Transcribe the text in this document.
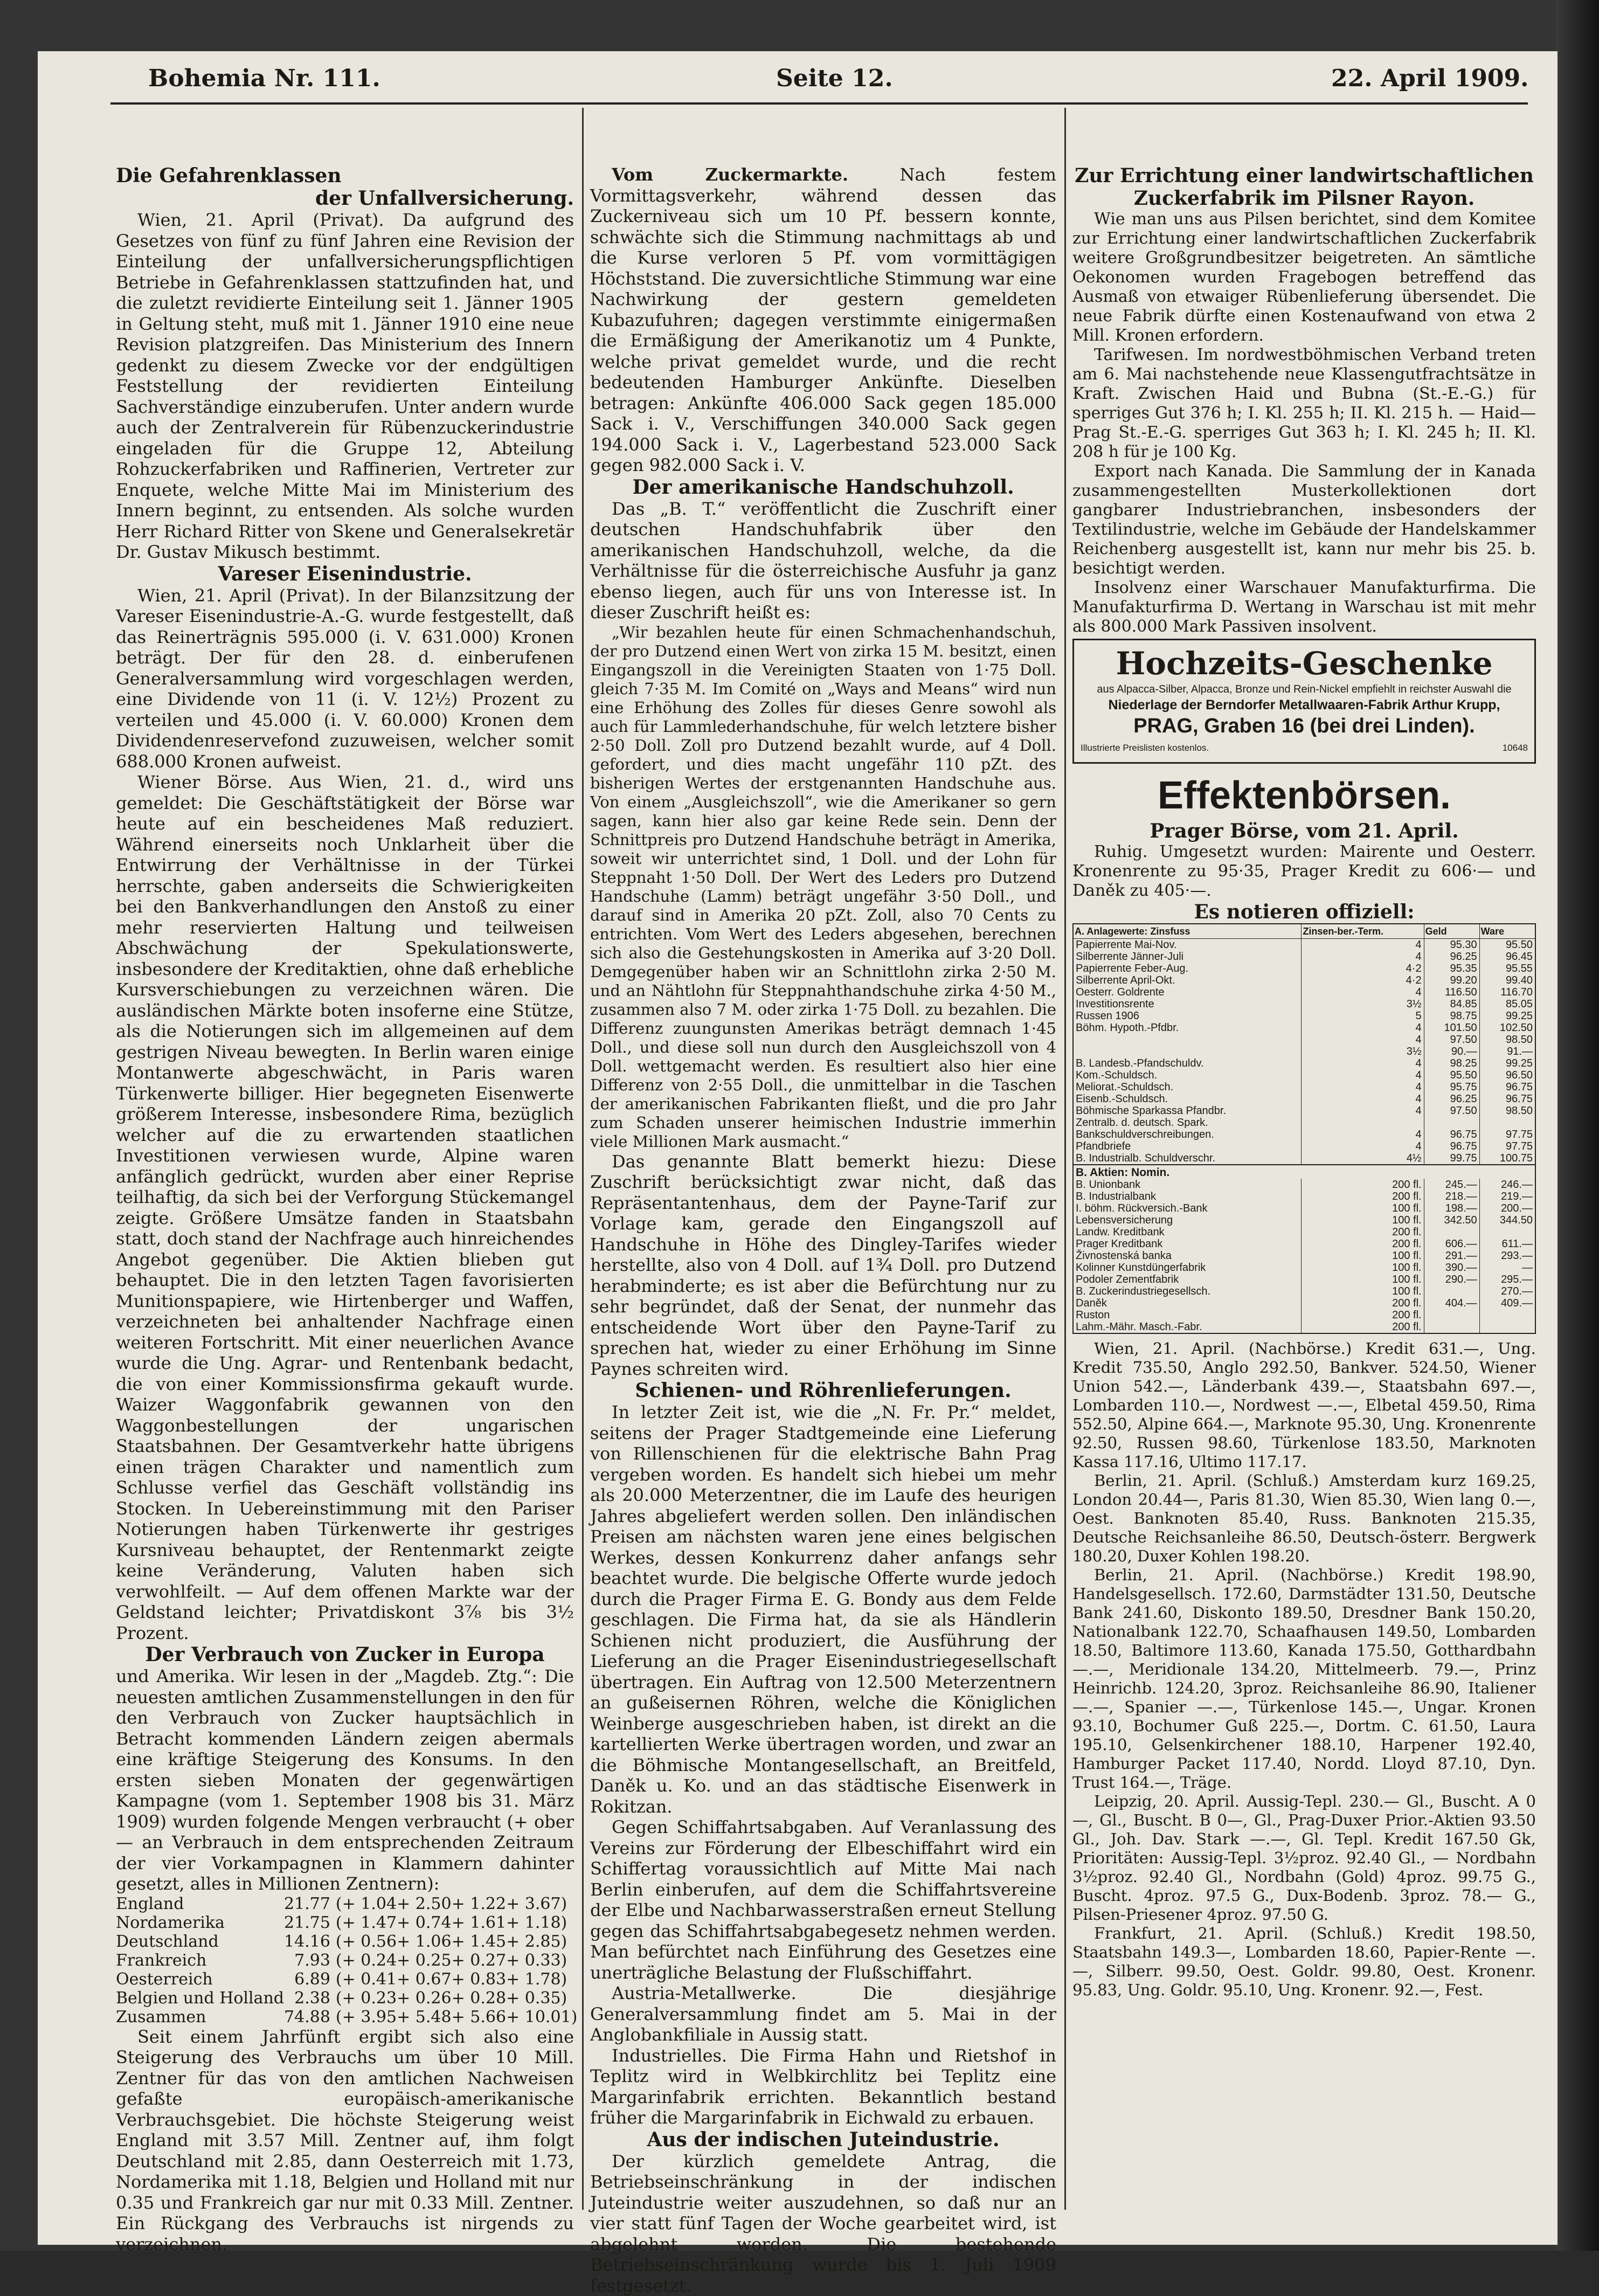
Bohemia Nr. 111.	Seite 12.	22. April 1909.
Die Gefahrenklassen
der Unfallversicherung.

Wien, 21. April (Privat). Da aufgrund des Gesetzes von fünf zu fünf Jahren eine Revision der Einteilung der unfallversicherungspflichtigen Betriebe in Gefahrenklassen stattzufinden hat, und die zuletzt revidierte Einteilung seit 1. Jänner 1905 in Geltung steht, muß mit 1. Jänner 1910 eine neue Revision platzgreifen. Das Ministerium des Innern gedenkt zu diesem Zwecke vor der endgültigen Feststellung der revidierten Einteilung Sachverständige einzuberufen. Unter andern wurde auch der Zentralverein für Rübenzuckerindustrie eingeladen für die Gruppe 12, Abteilung Rohzuckerfabriken und Raffinerien, Vertreter zur Enquete, welche Mitte Mai im Ministerium des Innern beginnt, zu entsenden. Als solche wurden Herr Richard Ritter von Skene und Generalsekretär Dr. Gustav Mikusch bestimmt.

Vareser Eisenindustrie.

Wien, 21. April (Privat). In der Bilanzsitzung der Vareser Eisenindustrie-A.-G. wurde festgestellt, daß das Reinerträgnis 595.000 (i. V. 631.000) Kronen beträgt. Der für den 28. d. einberufenen Generalversammlung wird vorgeschlagen werden, eine Dividende von 11 (i. V. 12½) Prozent zu verteilen und 45.000 (i. V. 60.000) Kronen dem Dividendenreservefond zuzuweisen, welcher somit 688.000 Kronen aufweist.

Wiener Börse. Aus Wien, 21. d., wird uns gemeldet: Die Geschäftstätigkeit der Börse war heute auf ein bescheidenes Maß reduziert. Während einerseits noch Unklarheit über die Entwirrung der Verhältnisse in der Türkei herrschte, gaben anderseits die Schwierigkeiten bei den Bankverhandlungen den Anstoß zu einer mehr reservierten Haltung und teilweisen Abschwächung der Spekulationswerte, insbesondere der Kreditaktien, ohne daß erhebliche Kursverschiebungen zu verzeichnen wären. Die ausländischen Märkte boten insoferne eine Stütze, als die Notierungen sich im allgemeinen auf dem gestrigen Niveau bewegten. In Berlin waren einige Montanwerte abgeschwächt, in Paris waren Türkenwerte billiger. Hier begegneten Eisenwerte größerem Interesse, insbesondere Rima, bezüglich welcher auf die zu erwartenden staatlichen Investitionen verwiesen wurde, Alpine waren anfänglich gedrückt, wurden aber einer Reprise teilhaftig, da sich bei der Verforgung Stückemangel zeigte. Größere Umsätze fanden in Staatsbahn statt, doch stand der Nachfrage auch hinreichendes Angebot gegenüber. Die Aktien blieben gut behauptet. Die in den letzten Tagen favorisierten Munitionspapiere, wie Hirtenberger und Waffen, verzeichneten bei anhaltender Nachfrage einen weiteren Fortschritt. Mit einer neuerlichen Avance wurde die Ung. Agrar- und Rentenbank bedacht, die von einer Kommissionsfirma gekauft wurde. Waizer Waggonfabrik gewannen von den Waggonbestellungen der ungarischen Staatsbahnen. Der Gesamtverkehr hatte übrigens einen trägen Charakter und namentlich zum Schlusse verfiel das Geschäft vollständig ins Stocken. In Uebereinstimmung mit den Pariser Notierungen haben Türkenwerte ihr gestriges Kursniveau behauptet, der Rentenmarkt zeigte keine Veränderung, Valuten haben sich verwohlfeilt. — Auf dem offenen Markte war der Geldstand leichter; Privatdiskont 3⅞ bis 3½ Prozent.

Der Verbrauch von Zucker in Europa

und Amerika. Wir lesen in der „Magdeb. Ztg.“: Die neuesten amtlichen Zusammenstellungen in den für den Verbrauch von Zucker hauptsächlich in Betracht kommenden Ländern zeigen abermals eine kräftige Steigerung des Konsums. In den ersten sieben Monaten der gegenwärtigen Kampagne (vom 1. September 1908 bis 31. März 1909) wurden folgende Mengen verbraucht (+ ober — an Verbrauch in dem entsprechenden Zeitraum der vier Vorkampagnen in Klammern dahinter gesetzt, alles in Millionen Zentnern):

England	21.77	(+ 1.04	+ 2.50	+ 1.22	+ 3.67)
Nordamerika	21.75	(+ 1.47	+ 0.74	+ 1.61	+ 1.18)
Deutschland	14.16	(+ 0.56	+ 1.06	+ 1.45	+ 2.85)
Frankreich	7.93	(+ 0.24	+ 0.25	+ 0.27	+ 0.33)
Oesterreich	6.89	(+ 0.41	+ 0.67	+ 0.83	+ 1.78)
Belgien und Holland	2.38	(+ 0.23	+ 0.26	+ 0.28	+ 0.35)
Zusammen	74.88	(+ 3.95	+ 5.48	+ 5.66	+ 10.01)

Seit einem Jahrfünft ergibt sich also eine Steigerung des Verbrauchs um über 10 Mill. Zentner für das von den amtlichen Nachweisen gefaßte europäisch-amerikanische Verbrauchsgebiet. Die höchste Steigerung weist England mit 3.57 Mill. Zentner auf, ihm folgt Deutschland mit 2.85, dann Oesterreich mit 1.73, Nordamerika mit 1.18, Belgien und Holland mit nur 0.35 und Frankreich gar nur mit 0.33 Mill. Zentner. Ein Rückgang des Verbrauchs ist nirgends zu verzeichnen.

Vom Zuckermarkte.	Nach festem Vormittagsverkehr, während dessen das Zuckerniveau sich um 10 Pf. bessern konnte, schwächte sich die Stimmung nachmittags ab und die Kurse verloren 5 Pf. vom vormittägigen Höchststand. Die zuversichtliche Stimmung war eine Nachwirkung der gestern gemeldeten Kubazufuhren; dagegen verstimmte einigermaßen die Ermäßigung der Amerikanotiz um 4 Punkte, welche privat gemeldet wurde, und die recht bedeutenden Hamburger Ankünfte. Dieselben betragen: Ankünfte 406.000 Sack gegen 185.000 Sack i. V., Verschiffungen 340.000 Sack gegen 194.000 Sack i. V., Lagerbestand 523.000 Sack gegen 982.000 Sack i. V.

Der amerikanische Handschuhzoll.

Das „B. T.“ veröffentlicht die Zuschrift einer deutschen Handschuhfabrik über den amerikanischen Handschuhzoll, welche, da die Verhältnisse für die österreichische Ausfuhr ja ganz ebenso liegen, auch für uns von Interesse ist. In dieser Zuschrift heißt es:

„Wir bezahlen heute für einen Schmachenhandschuh, der pro Dutzend einen Wert von zirka 15 M. besitzt, einen Eingangszoll in die Vereinigten Staaten von 1·75 Doll. gleich 7·35 M. Im Comité on „Ways and Means“ wird nun eine Erhöhung des Zolles für dieses Genre sowohl als auch für Lammlederhandschuhe, für welch letztere bisher 2·50 Doll. Zoll pro Dutzend bezahlt wurde, auf 4 Doll. gefordert, und dies macht ungefähr 110 pZt. des bisherigen Wertes der erstgenannten Handschuhe aus. Von einem „Ausgleichszoll“, wie die Amerikaner so gern sagen, kann hier also gar keine Rede sein. Denn der Schnittpreis pro Dutzend Handschuhe beträgt in Amerika, soweit wir unterrichtet sind, 1 Doll. und der Lohn für Steppnaht 1·50 Doll. Der Wert des Leders pro Dutzend Handschuhe (Lamm) beträgt ungefähr 3·50 Doll., und darauf sind in Amerika 20 pZt. Zoll, also 70 Cents zu entrichten. Vom Wert des Leders abgesehen, berechnen sich also die Gestehungskosten in Amerika auf 3·20 Doll. Demgegenüber haben wir an Schnittlohn zirka 2·50 M. und an Nähtlohn für Steppnahthandschuhe zirka 4·50 M., zusammen also 7 M. oder zirka 1·75 Doll. zu bezahlen. Die Differenz zuungunsten Amerikas beträgt demnach 1·45 Doll., und diese soll nun durch den Ausgleichszoll von 4 Doll. wettgemacht werden. Es resultiert also hier eine Differenz von 2·55 Doll., die unmittelbar in die Taschen der amerikanischen Fabrikanten fließt, und die pro Jahr zum Schaden unserer heimischen Industrie immerhin viele Millionen Mark ausmacht.“

Das genannte Blatt bemerkt hiezu: Diese Zuschrift berücksichtigt zwar nicht, daß das Repräsentantenhaus, dem der Payne-Tarif zur Vorlage kam, gerade den Eingangszoll auf Handschuhe in Höhe des Dingley-Tarifes wieder herstellte, also von 4 Doll. auf 1¾ Doll. pro Dutzend herabminderte; es ist aber die Befürchtung nur zu sehr begründet, daß der Senat, der nunmehr das entscheidende Wort über den Payne-Tarif zu sprechen hat, wieder zu einer Erhöhung im Sinne Paynes schreiten wird.

Schienen- und Röhrenlieferungen.

In letzter Zeit ist, wie die „N. Fr. Pr.“ meldet, seitens der Prager Stadtgemeinde eine Lieferung von Rillenschienen für die elektrische Bahn Prag vergeben worden. Es handelt sich hiebei um mehr als 20.000 Meterzentner, die im Laufe des heurigen Jahres abgeliefert werden sollen. Den inländischen Preisen am nächsten waren jene eines belgischen Werkes, dessen Konkurrenz daher anfangs sehr beachtet wurde. Die belgische Offerte wurde jedoch durch die Prager Firma E. G. Bondy aus dem Felde geschlagen. Die Firma hat, da sie als Händlerin Schienen nicht produziert, die Ausführung der Lieferung an die Prager Eisenindustriegesellschaft übertragen. Ein Auftrag von 12.500 Meterzentnern an gußeisernen Röhren, welche die Königlichen Weinberge ausgeschrieben haben, ist direkt an die kartellierten Werke übertragen worden, und zwar an die Böhmische Montangesellschaft, an Breitfeld, Daněk u. Ko. und an das städtische Eisenwerk in Rokitzan.

Gegen Schiffahrtsabgaben. Auf Veranlassung des Vereins zur Förderung der Elbeschiffahrt wird ein Schiffertag voraussichtlich auf Mitte Mai nach Berlin einberufen, auf dem die Schiffahrtsvereine der Elbe und Nachbarwasserstraßen erneut Stellung gegen das Schiffahrtsabgabegesetz nehmen werden. Man befürchtet nach Einführung des Gesetzes eine unerträgliche Belastung der Flußschiffahrt.

Austria-Metallwerke. Die diesjährige Generalversammlung findet am 5. Mai in der Anglobankfiliale in Aussig statt.

Industrielles. Die Firma Hahn und Rietshof in Teplitz wird in Welbkirchlitz bei Teplitz eine Margarinfabrik errichten. Bekanntlich bestand früher die Margarinfabrik in Eichwald zu erbauen.

Aus der indischen Juteindustrie.

Der kürzlich gemeldete Antrag, die Betriebseinschränkung in der indischen Juteindustrie weiter auszudehnen, so daß nur an vier statt fünf Tagen der Woche gearbeitet wird, ist abgelehnt worden. Die bestehende Betriebseinschränkung wurde bis 1. Juli 1909 festgesetzt.

Zur Errichtung einer landwirtschaftlichen Zuckerfabrik im Pilsner Rayon.

Wie man uns aus Pilsen berichtet, sind dem Komitee zur Errichtung einer landwirtschaftlichen Zuckerfabrik weitere Großgrundbesitzer beigetreten. An sämtliche Oekonomen wurden Fragebogen betreffend das Ausmaß von etwaiger Rübenlieferung übersendet. Die neue Fabrik dürfte einen Kostenaufwand von etwa 2 Mill. Kronen erfordern.

Tarifwesen. Im nordwestböhmischen Verband treten am 6. Mai nachstehende neue Klassengutfrachtsätze in Kraft. Zwischen Haid und Bubna (St.-E.-G.) für sperriges Gut 376 h; I. Kl. 255 h; II. Kl. 215 h. — Haid—Prag St.-E.-G. sperriges Gut 363 h; I. Kl. 245 h; II. Kl. 208 h für je 100 Kg.

Export nach Kanada. Die Sammlung der in Kanada zusammengestellten Musterkollektionen dort gangbarer Industriebranchen, insbesonders der Textilindustrie, welche im Gebäude der Handelskammer Reichenberg ausgestellt ist, kann nur mehr bis 25. b. besichtigt werden.

Insolvenz einer Warschauer Manufakturfirma. Die Manufakturfirma D. Wertang in Warschau ist mit mehr als 800.000 Mark Passiven insolvent.

Hochzeits-Geschenke
aus Alpacca-Silber, Alpacca, Bronze und Rein-Nickel empfiehlt in reichster Auswahl die
Niederlage der Berndorfer Metallwaaren-Fabrik Arthur Krupp,
PRAG, Graben 16 (bei drei Linden).
Illustrierte Preislisten kostenlos.	10648
Effektenbörsen.
Prager Börse, vom 21. April.

Ruhig. Umgesetzt wurden: Mairente und Oesterr. Kronenrente zu 95·35, Prager Kredit zu 606·— und Daněk zu 405·—.

Es notieren offiziell:
A. Anlagewerte: Zinsfuss	Zinsen-ber.-Term.	Geld	Ware
Papierrente Mai-Nov.	4	95.30	95.50
Silberrente Jänner-Juli	4	96.25	96.45
Papierrente Feber-Aug.	4·2	95.35	95.55
Silberrente April-Okt.	4·2	99.20	99.40
Oesterr. Goldrente	4	116.50	116.70
Investitionsrente	3½	84.85	85.05
Russen 1906	5	98.75	99.25
Böhm. Hypoth.-Pfdbr.	4	101.50	102.50
	4	97.50	98.50
	3½	90.—	91.—
B. Landesb.-Pfandschuldv.	4	98.25	99.25
Kom.-Schuldsch.	4	95.50	96.50
Meliorat.-Schuldsch.	4	95.75	96.75
Eisenb.-Schuldsch.	4	96.25	96.75
Böhmische Sparkassa Pfandbr.	4	97.50	98.50
Zentralb. d. deutsch. Spark.			
Bankschuldverschreibungen.	4	96.75	97.75
Pfandbriefe	4	96.75	97.75
B. Industrialb. Schuldverschr.	4½	99.75	100.75
B. Aktien: Nomin.			
B. Unionbank	200 fl.	245.—	246.—
B. Industrialbank	200 fl.	218.—	219.—
I. böhm. Rückversich.-Bank	100 fl.	198.—	200.—
Lebensversicherung	100 fl.	342.50	344.50
Landw. Kreditbank	200 fl.		
Prager Kreditbank	200 fl.	606.—	611.—
Živnostenská banka	100 fl.	291.—	293.—
Kolinner Kunstdüngerfabrik	100 fl.	390.—	—
Podoler Zementfabrik	100 fl.	290.—	295.—
B. Zuckerindustriegesellsch.	100 fl.		270.—
Daněk	200 fl.	404.—	409.—
Ruston	200 fl.		
Lahm.-Mähr. Masch.-Fabr.	200 fl.		

Wien, 21. April. (Nachbörse.) Kredit 631.—, Ung. Kredit 735.50, Anglo 292.50, Bankver. 524.50, Wiener Union 542.—, Länderbank 439.—, Staatsbahn 697.—, Lombarden 110.—, Nordwest —.—, Elbetal 459.50, Rima 552.50, Alpine 664.—, Marknote 95.30, Ung. Kronenrente 92.50, Russen 98.60, Türkenlose 183.50, Marknoten Kassa 117.16, Ultimo 117.17.

Berlin, 21. April. (Schluß.) Amsterdam kurz 169.25, London 20.44—, Paris 81.30, Wien 85.30, Wien lang 0.—, Oest. Banknoten 85.40, Russ. Banknoten 215.35, Deutsche Reichsanleihe 86.50, Deutsch-österr. Bergwerk 180.20, Duxer Kohlen 198.20.

Berlin, 21. April. (Nachbörse.) Kredit 198.90, Handelsgesellsch. 172.60, Darmstädter 131.50, Deutsche Bank 241.60, Diskonto 189.50, Dresdner Bank 150.20, Nationalbank 122.70, Schaafhausen 149.50, Lombarden 18.50, Baltimore 113.60, Kanada 175.50, Gotthardbahn —.—, Meridionale 134.20, Mittelmeerb. 79.—, Prinz Heinrichb. 124.20, 3proz. Reichsanleihe 86.90, Italiener —.—, Spanier —.—, Türkenlose 145.—, Ungar. Kronen 93.10, Bochumer Guß 225.—, Dortm. C. 61.50, Laura 195.10, Gelsenkirchener 188.10, Harpener 192.40, Hamburger Packet 117.40, Nordd. Lloyd 87.10, Dyn. Trust 164.—, Träge.

Leipzig, 20. April. Aussig-Tepl. 230.— Gl., Buscht. A 0—, Gl., Buscht. B 0—, Gl., Prag-Duxer Prior.-Aktien 93.50 Gl., Joh. Dav. Stark —.—, Gl. Tepl. Kredit 167.50 Gk, Prioritäten: Aussig-Tepl. 3½proz. 92.40 Gl., — Nordbahn 3½proz. 92.40 Gl., Nordbahn (Gold) 4proz. 99.75 G., Buscht. 4proz. 97.5 G., Dux-Bodenb. 3proz. 78.— G., Pilsen-Priesener 4proz. 97.50 G.

Frankfurt, 21. April. (Schluß.) Kredit 198.50, Staatsbahn 149.3—, Lombarden 18.60, Papier-Rente —.—, Silberr. 99.50, Oest. Goldr. 99.80, Oest. Kronenr. 95.83, Ung. Goldr. 95.10, Ung. Kronenr. 92.—, Fest.
